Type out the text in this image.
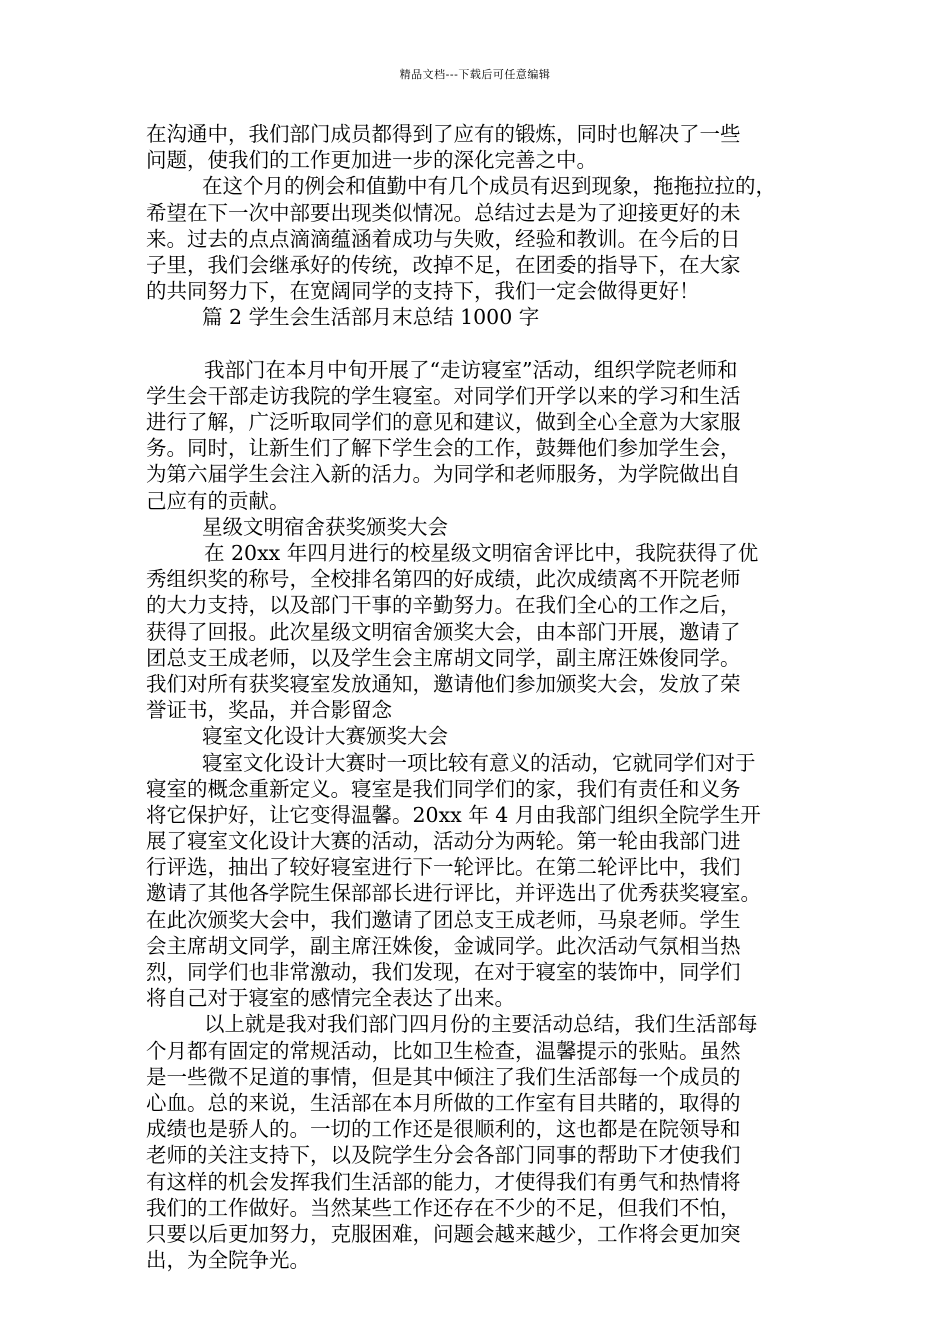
精品文档---下载后可任意编辑
在沟通中，我们部门成员都得到了应有的锻炼，同时也解决了一些
问题，使我们的工作更加进一步的深化完善之中。
在这个月的例会和值勤中有几个成员有迟到现象，拖拖拉拉的，
希望在下一次中部要出现类似情况。总结过去是为了迎接更好的未
来。过去的点点滴滴蕴涵着成功与失败，经验和教训。在今后的日
子里，我们会继承好的传统，改掉不足，在团委的指导下，在大家
的共同努力下，在宽阔同学的支持下，我们一定会做得更好！
篇 2 学生会生活部月末总结 1000 字
我部门在本月中旬开展了“走访寝室”活动，组织学院老师和
学生会干部走访我院的学生寝室。对同学们开学以来的学习和生活
进行了解，广泛听取同学们的意见和建议，做到全心全意为大家服
务。同时，让新生们了解下学生会的工作，鼓舞他们参加学生会，
为第六届学生会注入新的活力。为同学和老师服务，为学院做出自
己应有的贡献。
星级文明宿舍获奖颁奖大会
在 20xx 年四月进行的校星级文明宿舍评比中，我院获得了优
秀组织奖的称号，全校排名第四的好成绩，此次成绩离不开院老师
的大力支持，以及部门干事的辛勤努力。在我们全心的工作之后，
获得了回报。此次星级文明宿舍颁奖大会，由本部门开展，邀请了
团总支王成老师，以及学生会主席胡文同学，副主席汪姝俊同学。
我们对所有获奖寝室发放通知，邀请他们参加颁奖大会，发放了荣
誉证书，奖品，并合影留念
寝室文化设计大赛颁奖大会
寝室文化设计大赛时一项比较有意义的活动，它就同学们对于
寝室的概念重新定义。寝室是我们同学们的家，我们有责任和义务
将它保护好，让它变得温馨。20xx 年 4 月由我部门组织全院学生开
展了寝室文化设计大赛的活动，活动分为两轮。第一轮由我部门进
行评选，抽出了较好寝室进行下一轮评比。在第二轮评比中，我们
邀请了其他各学院生保部部长进行评比，并评选出了优秀获奖寝室。
在此次颁奖大会中，我们邀请了团总支王成老师，马泉老师。学生
会主席胡文同学，副主席汪姝俊，金诚同学。此次活动气氛相当热
烈，同学们也非常激动，我们发现，在对于寝室的装饰中，同学们
将自己对于寝室的感情完全表达了出来。
以上就是我对我们部门四月份的主要活动总结，我们生活部每
个月都有固定的常规活动，比如卫生检查，温馨提示的张贴。虽然
是一些微不足道的事情，但是其中倾注了我们生活部每一个成员的
心血。总的来说，生活部在本月所做的工作室有目共睹的，取得的
成绩也是骄人的。一切的工作还是很顺利的，这也都是在院领导和
老师的关注支持下，以及院学生分会各部门同事的帮助下才使我们
有这样的机会发挥我们生活部的能力，才使得我们有勇气和热情将
我们的工作做好。当然某些工作还存在不少的不足，但我们不怕，
只要以后更加努力，克服困难，问题会越来越少，工作将会更加突
出，为全院争光。
